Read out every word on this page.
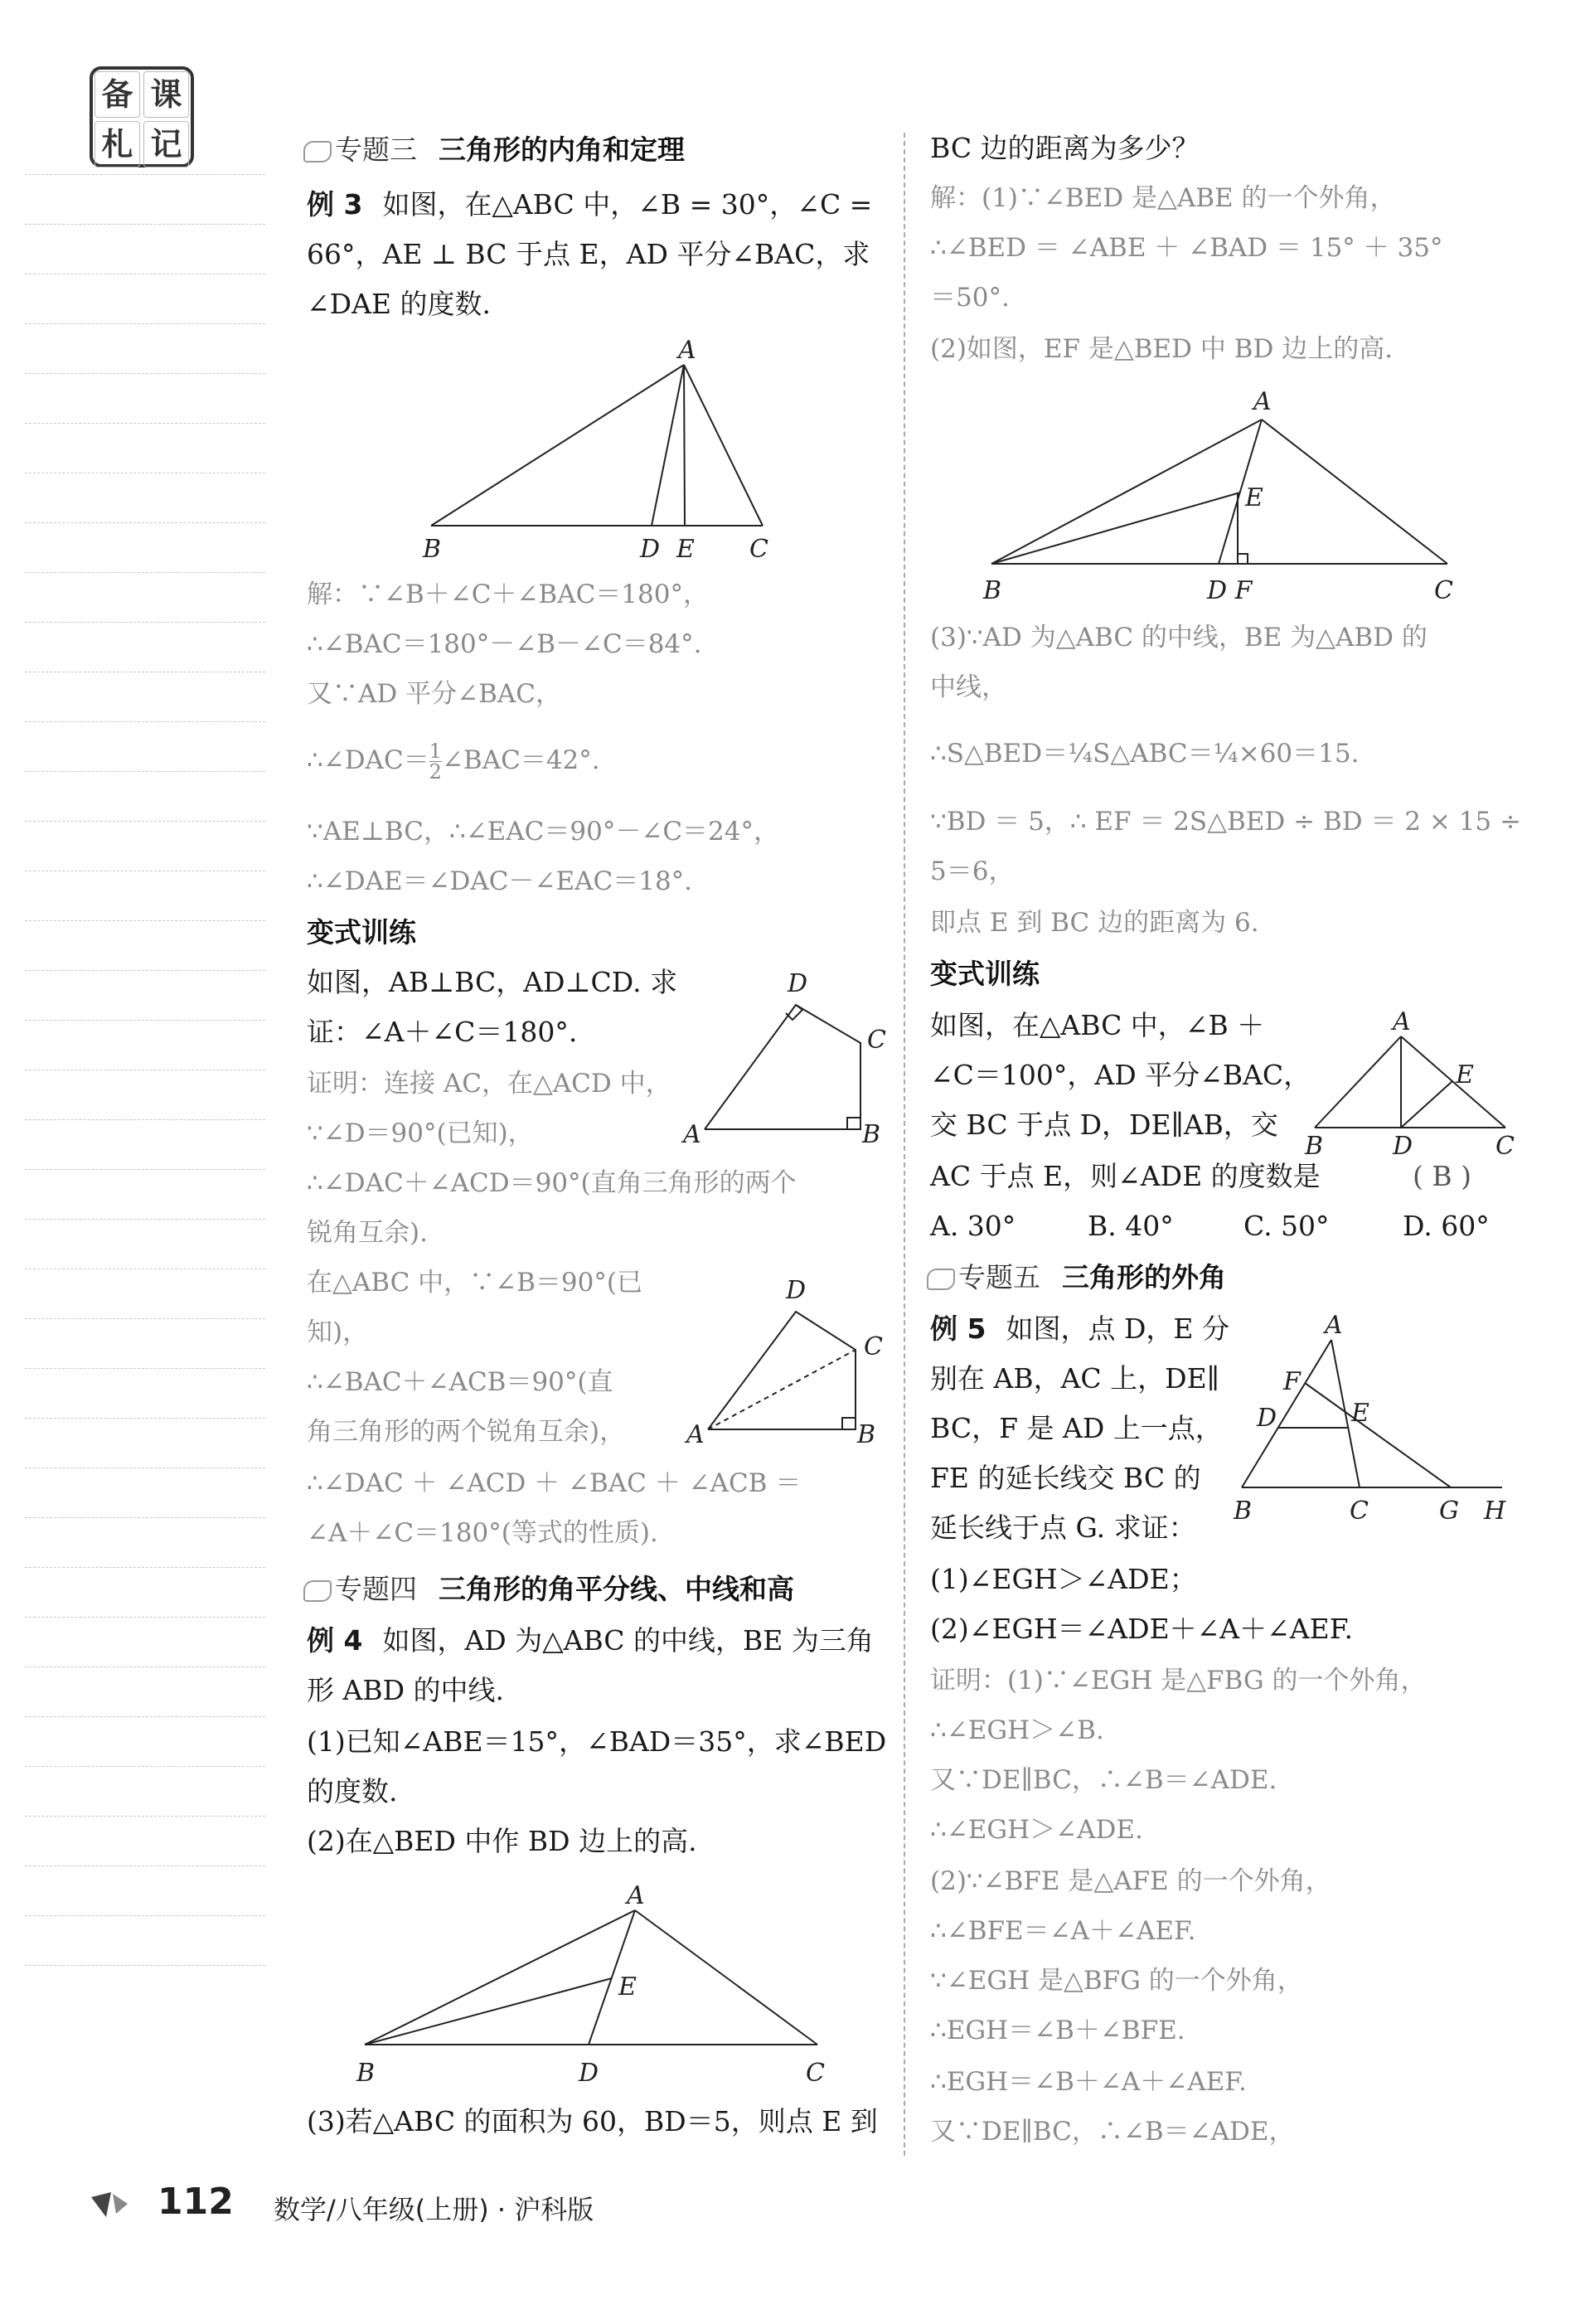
备 课
札 记	专题三 三角形的内角和定理
例 3 如图，在△ABC 中，∠B = 30°，∠C =
66°，AE ⊥ BC 于点 E，AD 平分∠BAC，求
∠DAE 的度数.
A
B	D E C
解：∵∠B＋∠C＋∠BAC＝180°，
∴∠BAC＝180°－∠B－∠C＝84°.
又∵AD 平分∠BAC，
∴∠DAC＝ $\frac{1}{2}$ ∠BAC＝42°.
∵AE⊥BC，∴∠EAC＝90°－∠C＝24°，
∴∠DAE＝∠DAC－∠EAC＝18°.
变式训练
如图，AB⊥BC，AD⊥CD. 求
证：∠A＋∠C＝180°.
证明：连接 AC，在△ACD 中，
∵∠D＝90°(已知)，
∴∠DAC＋∠ACD＝90°(直角三角形的两个
锐角互余).
在△ABC 中，∵∠B＝90°(已
知)，
∴∠BAC＋∠ACB＝90°(直
角三角形的两个锐角互余)，
∴∠DAC ＋ ∠ACD ＋ ∠BAC ＋ ∠ACB ＝
∠A＋∠C＝180°(等式的性质).
D
C
A	B
D
C
A	B
专题四 三角形的角平分线、中线和高
例 4 如图，AD 为△ABC 的中线，BE 为三角
形 ABD 的中线.
(1)已知∠ABE＝15°，∠BAD＝35°，求∠BED
的度数.
(2)在△BED 中作 BD 边上的高.
A
E
B	D	C
(3)若△ABC 的面积为 60，BD＝5，则点 E 到
BC 边的距离为多少？
解：(1)∵∠BED 是△ABE 的一个外角，
∴∠BED ＝ ∠ABE ＋ ∠BAD ＝ 15° ＋ 35°
＝50°.
(2)如图，EF 是△BED 中 BD 边上的高.
A
E
B	D F	C
(3)∵AD 为△ABC 的中线，BE 为△ABD 的
中线，
∴S△BED＝¼S△ABC＝¼×60＝15.
∵BD ＝ 5，∴ EF ＝ 2S△BED ÷ BD ＝ 2 × 15 ÷
5＝6，
即点 E 到 BC 边的距离为 6.
变式训练
如图，在△ABC 中，∠B ＋
∠C＝100°，AD 平分∠BAC，
交 BC 于点 D，DE∥AB，交
AC 于点 E，则∠ADE 的度数是	( B )
A. 30°	B. 40°	C. 50°	D. 60°
A
E
B	D	C
专题五 三角形的外角
例 5 如图，点 D，E 分
别在 AB，AC 上，DE∥
BC，F 是 AD 上一点，
FE 的延长线交 BC 的
延长线于点 G. 求证：
(1)∠EGH＞∠ADE；
(2)∠EGH＝∠ADE＋∠A＋∠AEF.
A
F
D	E
B	C	G H
证明：(1)∵∠EGH 是△FBG 的一个外角，
∴∠EGH＞∠B.
又∵DE∥BC，∴∠B＝∠ADE.
∴∠EGH＞∠ADE.
(2)∵∠BFE 是△AFE 的一个外角，
∴∠BFE＝∠A＋∠AEF.
∵∠EGH 是△BFG 的一个外角，
∴EGH＝∠B＋∠BFE.
∴EGH＝∠B＋∠A＋∠AEF.
又∵DE∥BC，∴∠B＝∠ADE，
112 数学/八年级(上册) · 沪科版
